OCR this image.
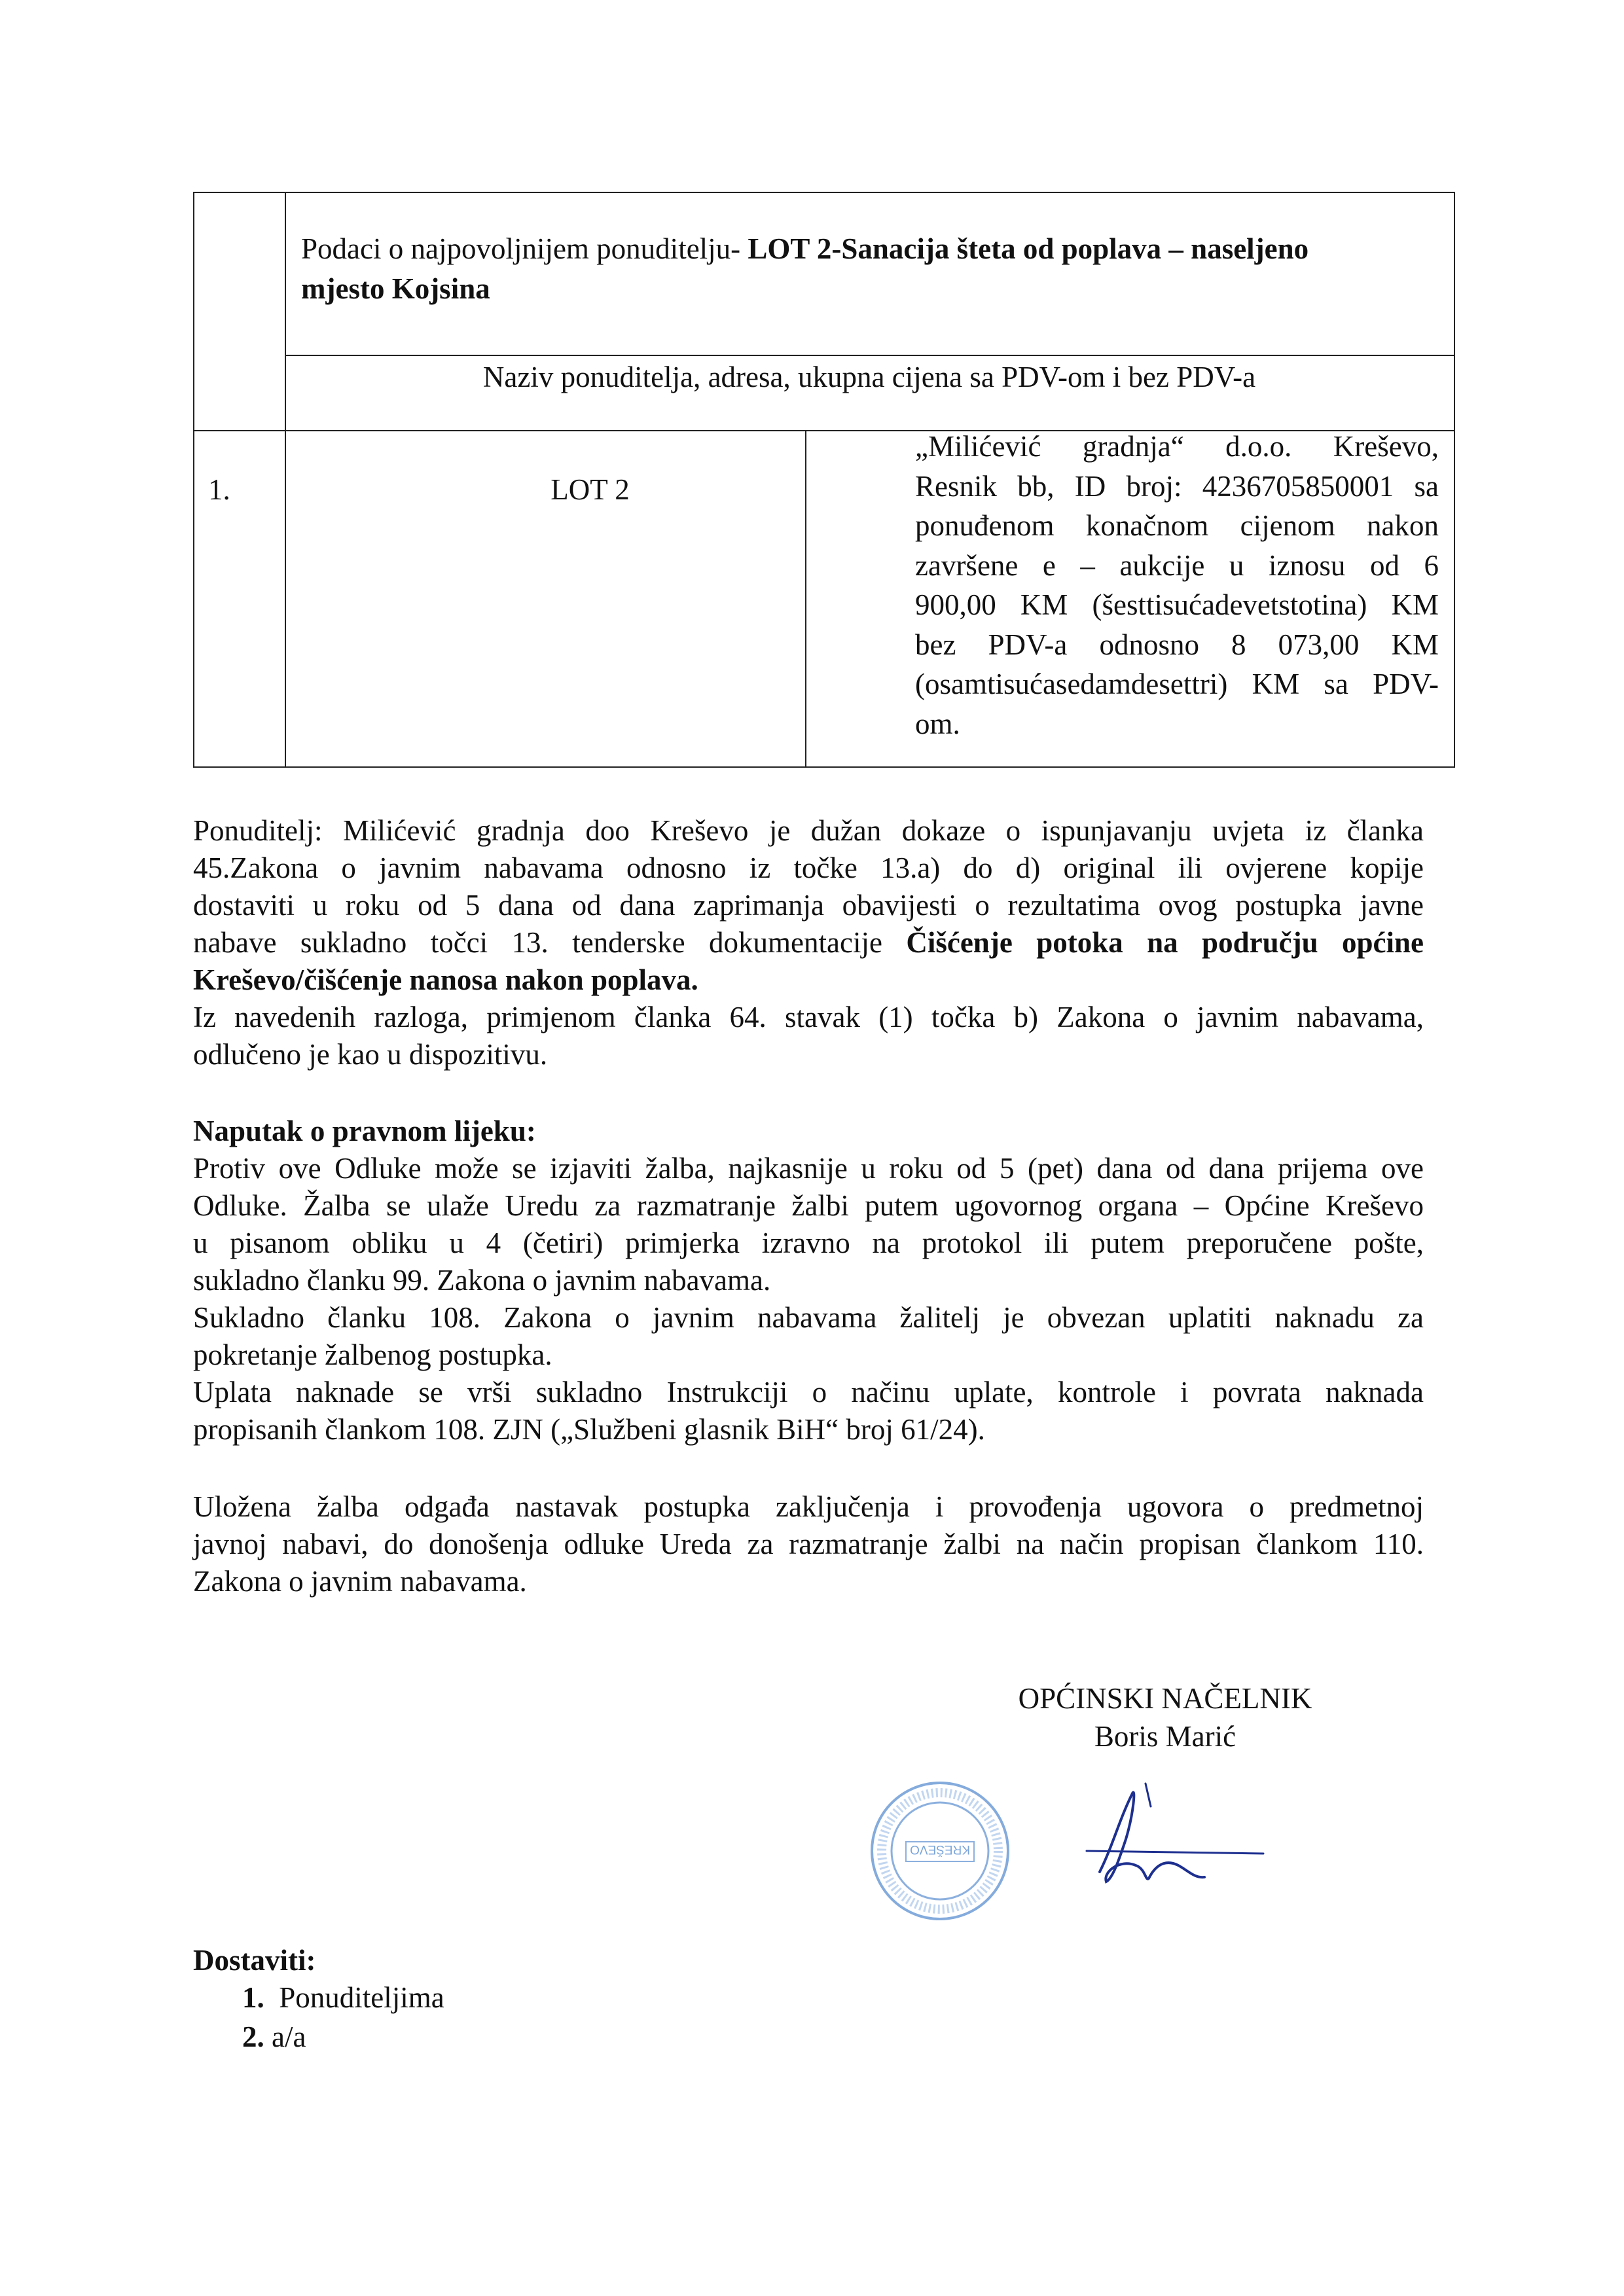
Podaci o najpovoljnijem ponuditelju- LOT 2-Sanacija šteta od poplava – naseljeno
mjesto Kojsina
Naziv ponuditelja, adresa, ukupna cijena sa PDV-om i bez PDV-a
1.	LOT 2
„Milićević gradnja“ d.o.o. Kreševo,
Resnik bb, ID broj: 4236705850001 sa
ponuđenom konačnom cijenom nakon
završene e – aukcije u iznosu od 6
900,00 KM (šesttisućadevetstotina) KM
bez PDV-a odnosno 8 073,00 KM
(osamtisućasedamdesettri) KM sa PDV-
om.
Ponuditelj: Milićević gradnja doo Kreševo je dužan dokaze o ispunjavanju uvjeta iz članka
45.Zakona o javnim nabavama odnosno iz točke 13.a) do d) original ili ovjerene kopije
dostaviti u roku od 5 dana od dana zaprimanja obavijesti o rezultatima ovog postupka javne
nabave sukladno točci 13. tenderske dokumentacije Čišćenje potoka na području općine
Kreševo/čišćenje nanosa nakon poplava.
Iz navedenih razloga, primjenom članka 64. stavak (1) točka b) Zakona o javnim nabavama,
odlučeno je kao u dispozitivu.
Naputak o pravnom lijeku:
Protiv ove Odluke može se izjaviti žalba, najkasnije u roku od 5 (pet) dana od dana prijema ove
Odluke. Žalba se ulaže Uredu za razmatranje žalbi putem ugovornog organa – Općine Kreševo
u pisanom obliku u 4 (četiri) primjerka izravno na protokol ili putem preporučene pošte,
sukladno članku 99. Zakona o javnim nabavama.
Sukladno članku 108. Zakona o javnim nabavama žalitelj je obvezan uplatiti naknadu za
pokretanje žalbenog postupka.
Uplata naknade se vrši sukladno Instrukciji o načinu uplate, kontrole i povrata naknada
propisanih člankom 108. ZJN („Službeni glasnik BiH“ broj 61/24).
Uložena žalba odgađa nastavak postupka zaključenja i provođenja ugovora o predmetnoj
javnoj nabavi, do donošenja odluke Ureda za razmatranje žalbi na način propisan člankom 110.
Zakona o javnim nabavama.
OPĆINSKI NAČELNIK
Boris Marić
KREŠEVO
Dostaviti:
1. Ponuditeljima
2. a/a
